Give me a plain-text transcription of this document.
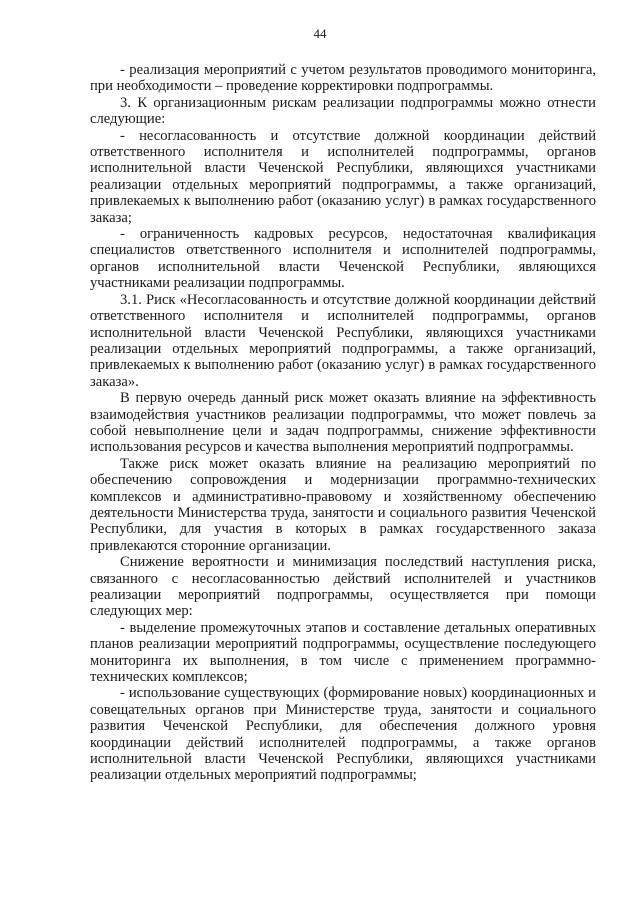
44

- реализация мероприятий с учетом результатов проводимого мониторинга, при необходимости – проведение корректировки подпрограммы.

3. К организационным рискам реализации подпрограммы можно отнести следующие:

- несогласованность и отсутствие должной координации действий ответственного исполнителя и исполнителей подпрограммы, органов исполнительной власти Чеченской Республики, являющихся участниками реализации отдельных мероприятий подпрограммы, а также организаций, привлекаемых к выполнению работ (оказанию услуг) в рамках государственного заказа;

- ограниченность кадровых ресурсов, недостаточная квалификация специалистов ответственного исполнителя и исполнителей подпрограммы, органов исполнительной власти Чеченской Республики, являющихся участниками реализации подпрограммы.

3.1. Риск «Несогласованность и отсутствие должной координации действий ответственного исполнителя и исполнителей подпрограммы, органов исполнительной власти Чеченской Республики, являющихся участниками реализации отдельных мероприятий подпрограммы, а также организаций, привлекаемых к выполнению работ (оказанию услуг) в рамках государственного заказа».

В первую очередь данный риск может оказать влияние на эффективность взаимодействия участников реализации подпрограммы, что может повлечь за собой невыполнение цели и задач подпрограммы, снижение эффективности использования ресурсов и качества выполнения мероприятий подпрограммы.

Также риск может оказать влияние на реализацию мероприятий по обеспечению сопровождения и модернизации программно-технических комплексов и административно-правовому и хозяйственному обеспечению деятельности Министерства труда, занятости и социального развития Чеченской Республики, для участия в которых в рамках государственного заказа привлекаются сторонние организации.

Снижение вероятности и минимизация последствий наступления риска, связанного с несогласованностью действий исполнителей и участников реализации мероприятий подпрограммы, осуществляется при помощи следующих мер:

- выделение промежуточных этапов и составление детальных оперативных планов реализации мероприятий подпрограммы, осуществление последующего мониторинга их выполнения, в том числе с применением программно-технических комплексов;

- использование существующих (формирование новых) координационных и совещательных органов при Министерстве труда, занятости и социального развития Чеченской Республики, для обеспечения должного уровня координации действий исполнителей подпрограммы, а также органов исполнительной власти Чеченской Республики, являющихся участниками реализации отдельных мероприятий подпрограммы;
